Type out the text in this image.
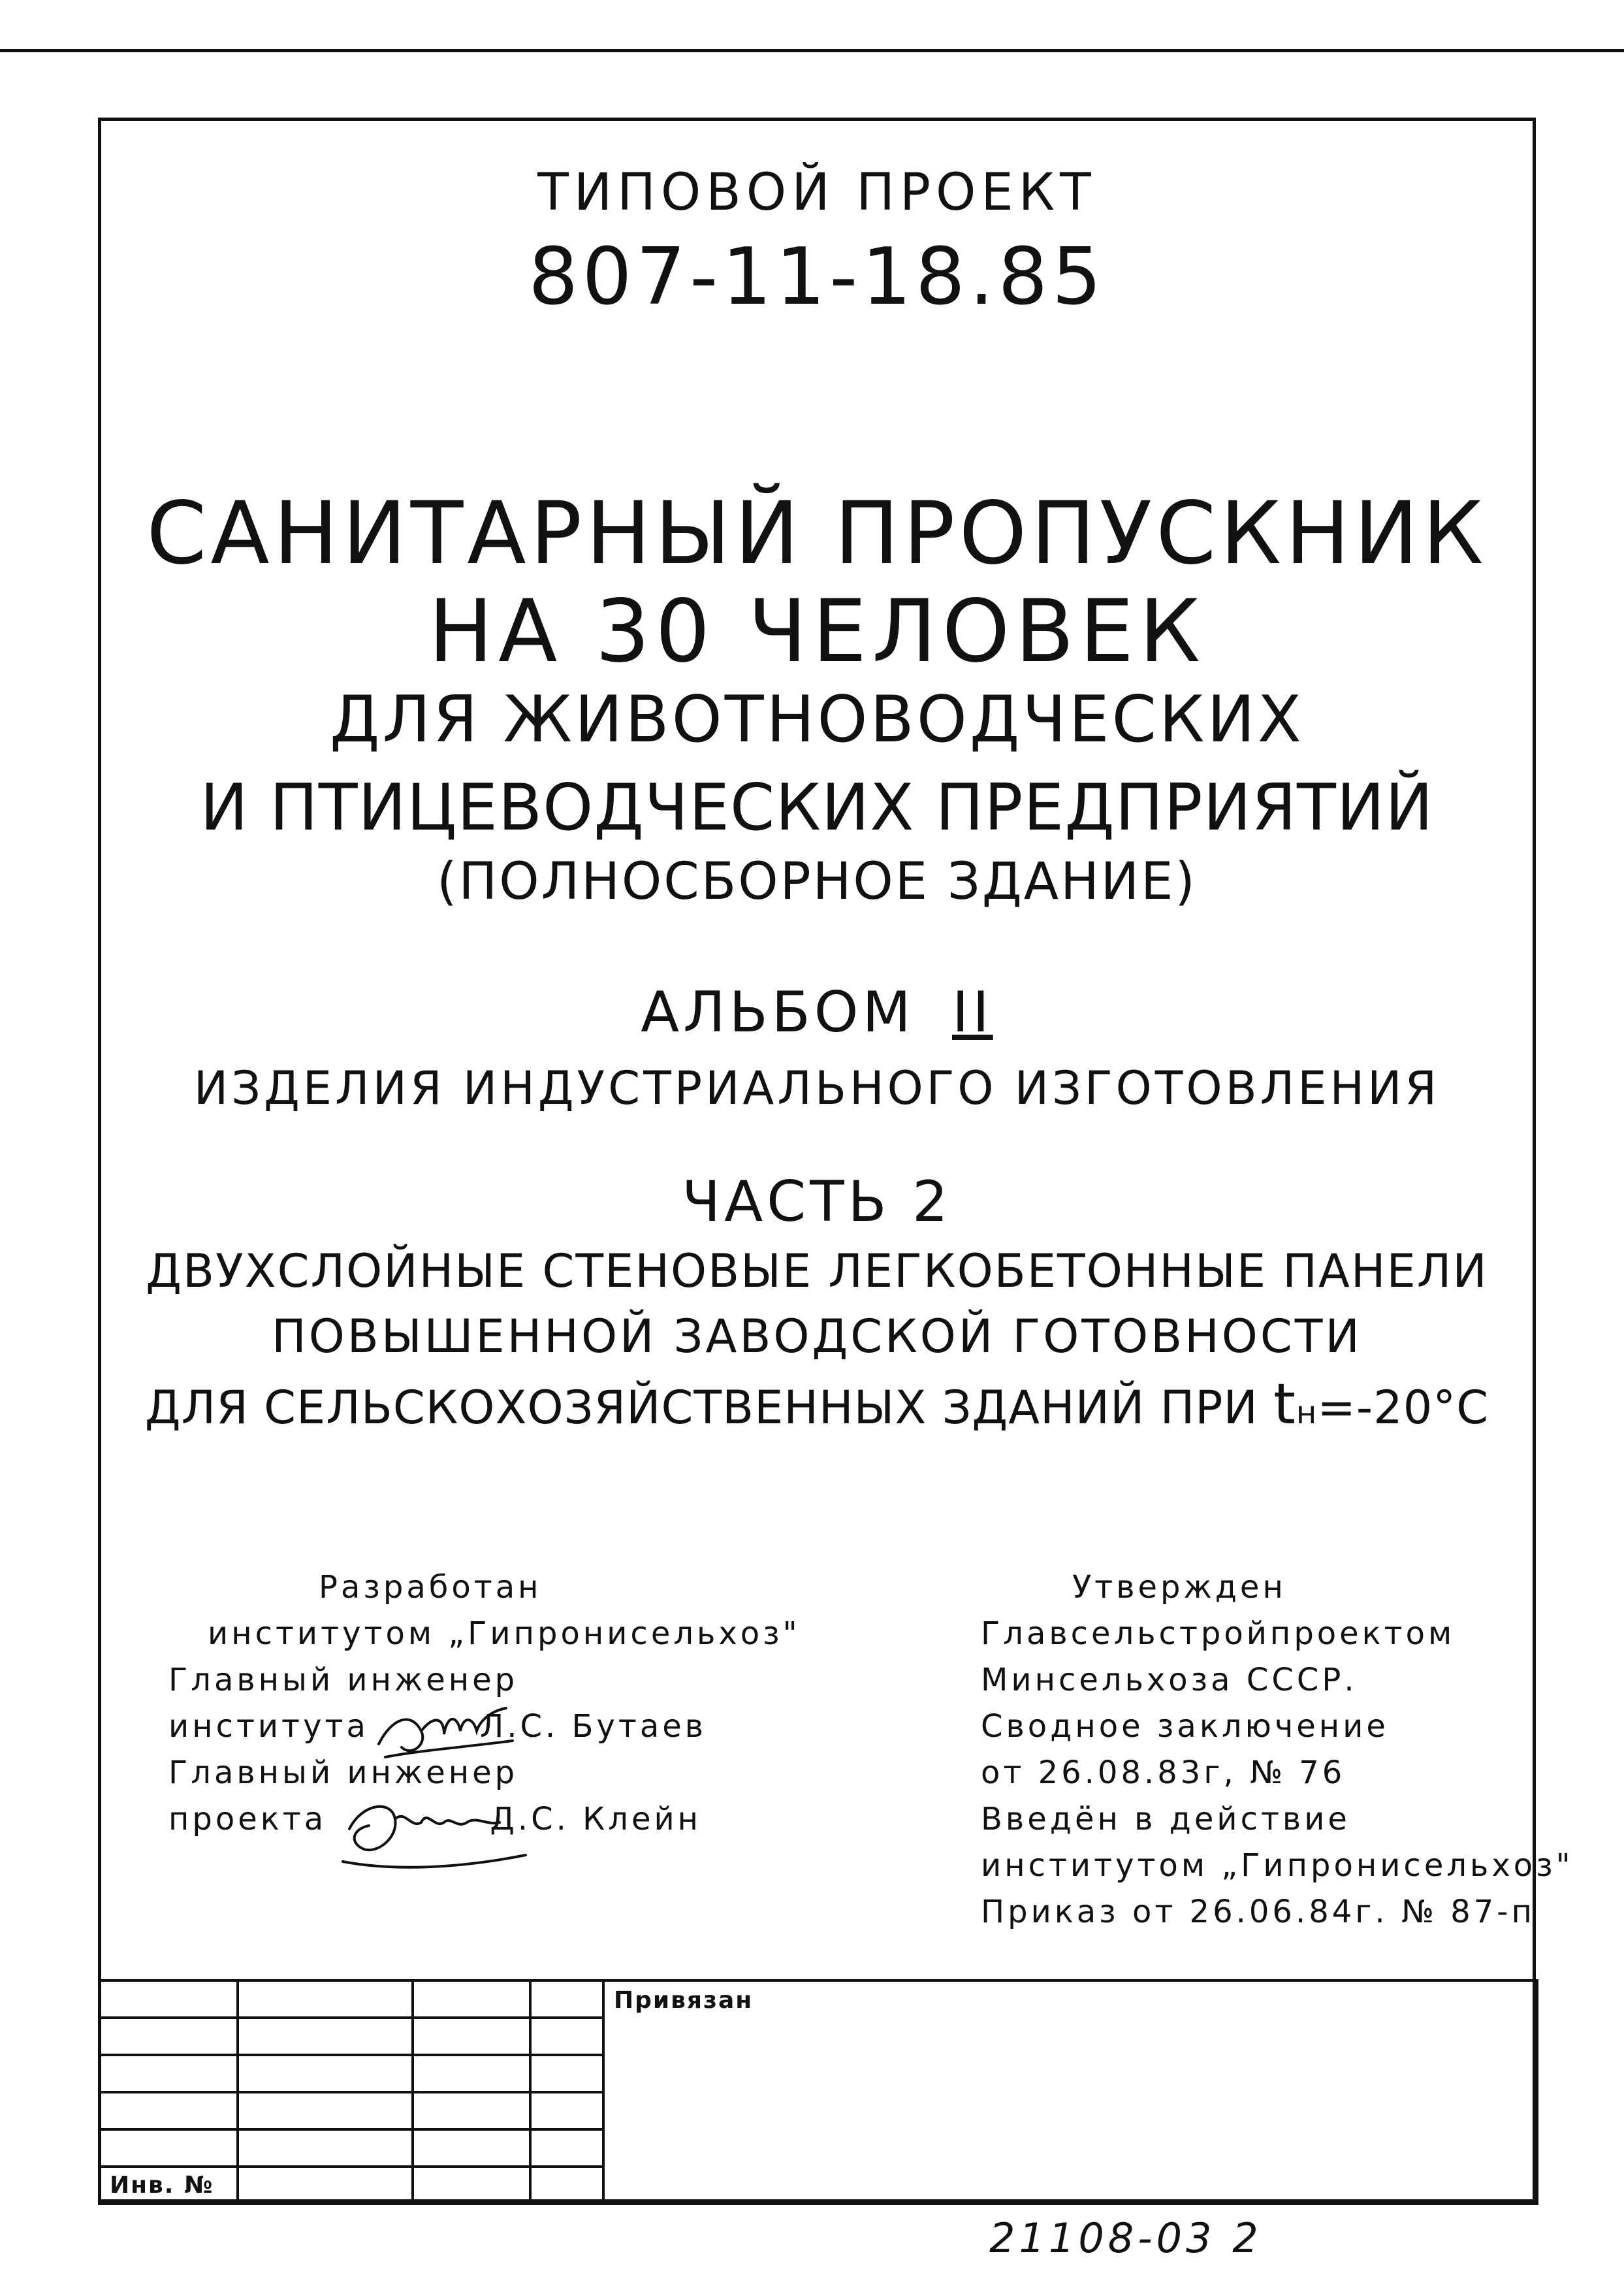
ТИПОВОЙ ПРОЕКТ
807-11-18.85
САНИТАРНЫЙ ПРОПУСКНИК
НА 30 ЧЕЛОВЕК
ДЛЯ ЖИВОТНОВОДЧЕСКИХ
И ПТИЦЕВОДЧЕСКИХ ПРЕДПРИЯТИЙ
(ПОЛНОСБОРНОЕ ЗДАНИЕ)
АЛЬБОМ II
ИЗДЕЛИЯ ИНДУСТРИАЛЬНОГО ИЗГОТОВЛЕНИЯ
ЧАСТЬ 2
ДВУХСЛОЙНЫЕ СТЕНОВЫЕ ЛЕГКОБЕТОННЫЕ ПАНЕЛИ
ПОВЫШЕННОЙ ЗАВОДСКОЙ ГОТОВНОСТИ
ДЛЯ СЕЛЬСКОХОЗЯЙСТВЕННЫХ ЗДАНИЙ ПРИ tн=-20°С
Разработан
институтом „Гипронисельхоз"
Главный инженер
института	Л.С. Бутаев
Главный инженер
проекта	Д.С. Клейн
Утвержден
Главсельстройпроектом
Минсельхоза СССР.
Сводное заключение
от 26.08.83г, № 76
Введён в действие
институтом „Гипронисельхоз"
Приказ от 26.06.84г. № 87-п
				Привязан

Инв. №				
21108-03 2
